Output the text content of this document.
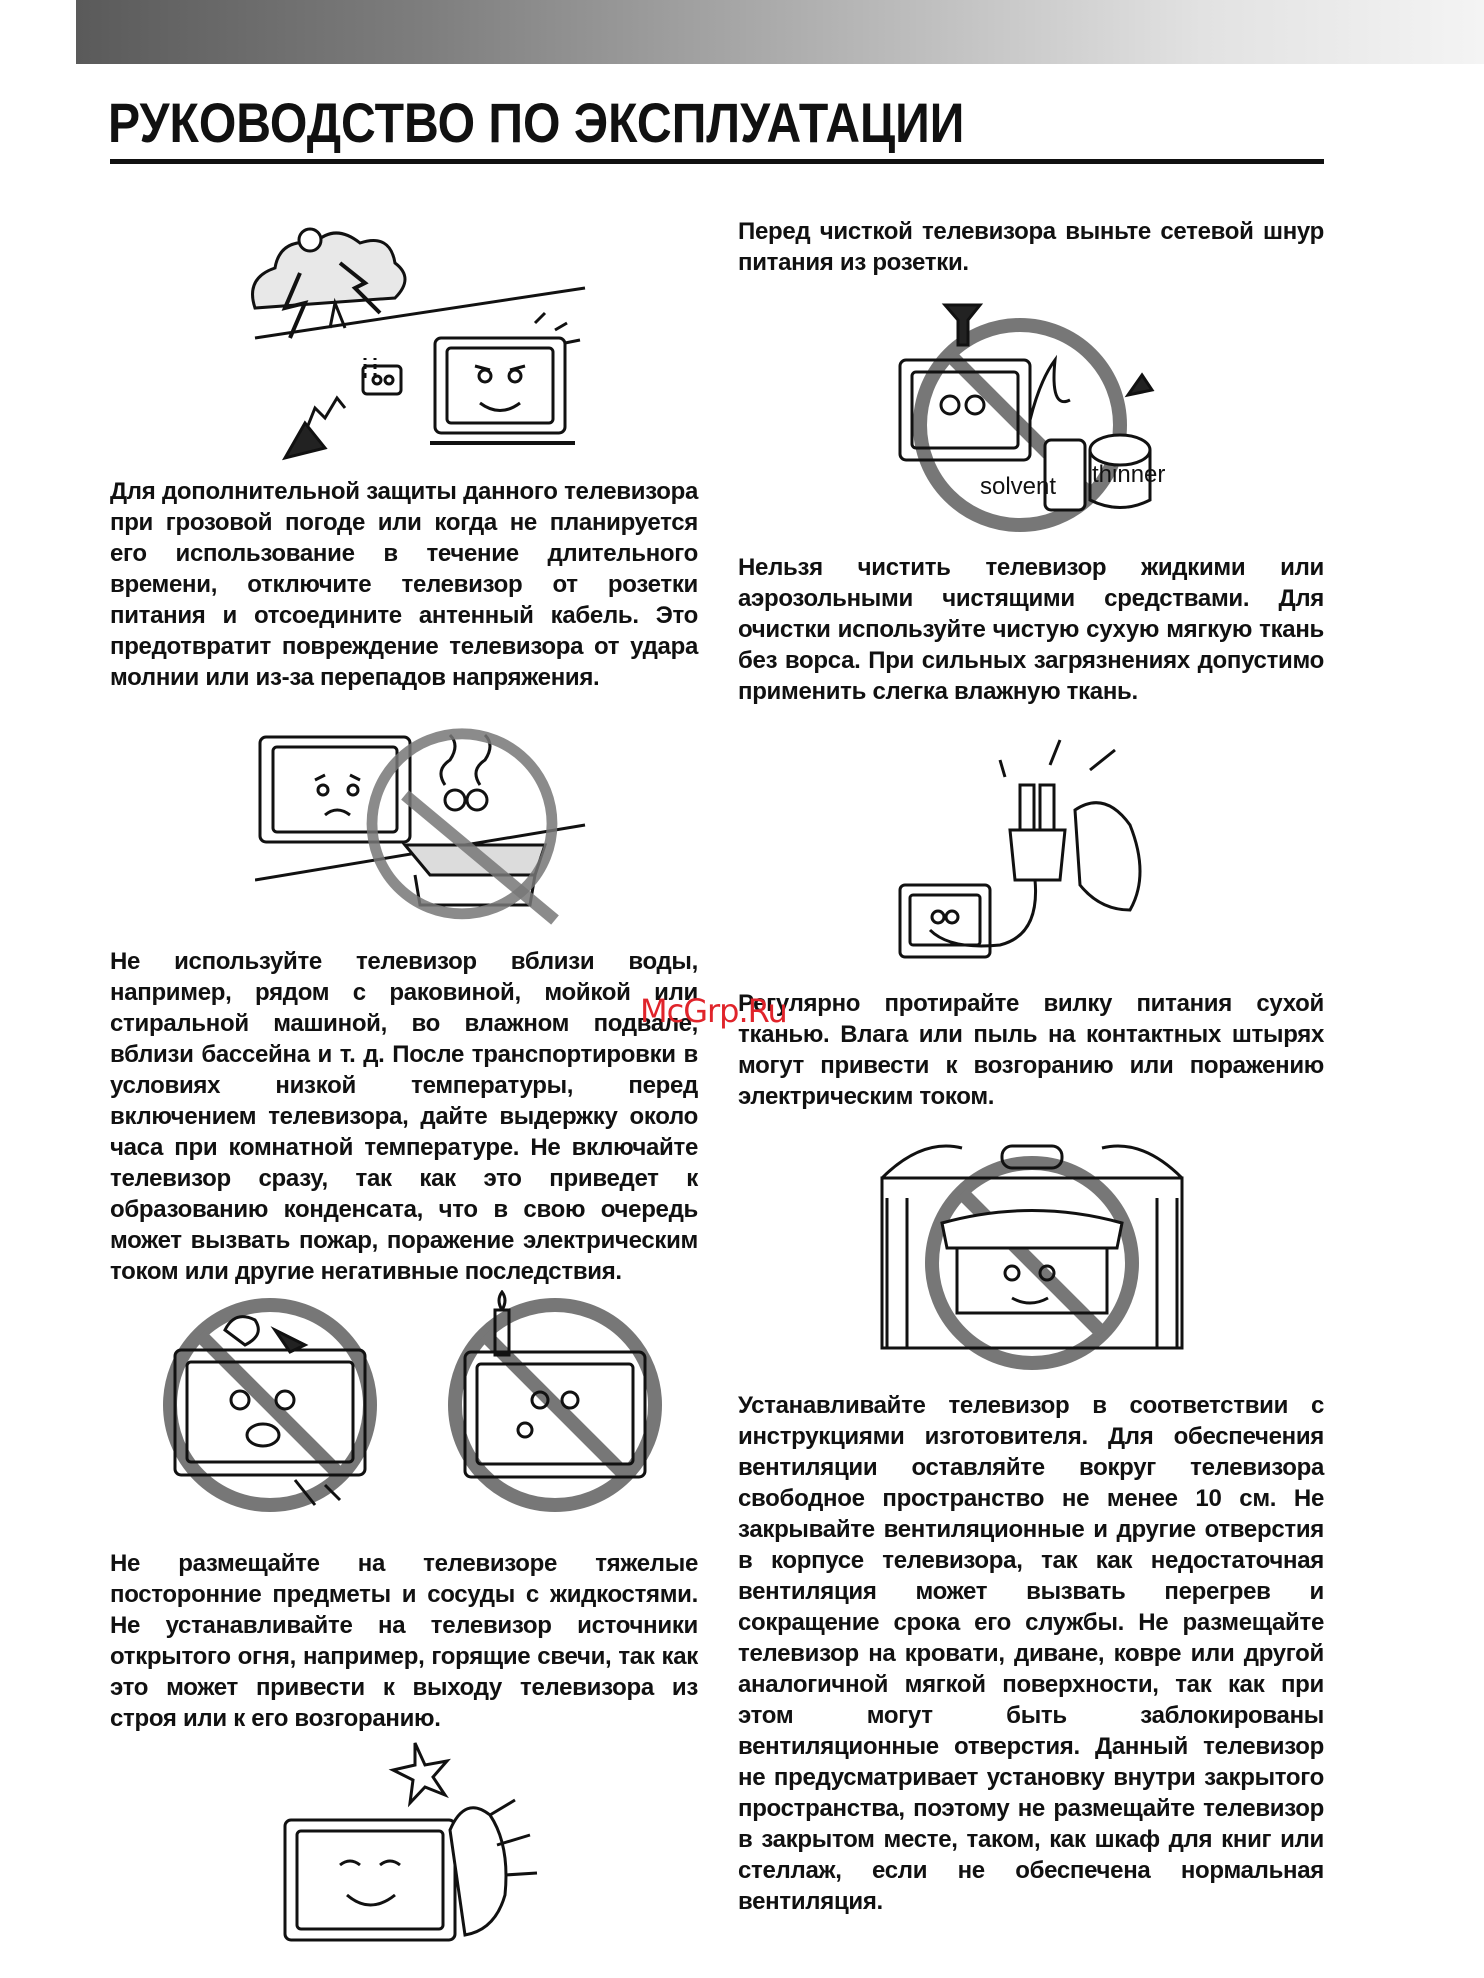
РУКОВОДСТВО ПО ЭКСПЛУАТАЦИИ

Для дополнительной защиты данного телевизора при грозовой погоде или когда не планируется его использование в течение длительного времени, отключите телевизор от розетки питания и отсоедините антенный кабель. Это предотвратит повреждение телевизора от удара молнии или из-за перепадов напряжения.

Не используйте телевизор вблизи воды, например, рядом с раковиной, мойкой или стиральной машиной, во влажном подвале, вблизи бассейна и т. д. После транспортировки в условиях низкой температуры, перед включением телевизора, дайте выдержку около часа при комнатной температуре. Не включайте телевизор сразу, так как это приведет к образованию конденсата, что в свою очередь может вызвать пожар, поражение электрическим током или другие негативные последствия.

Не размещайте на телевизоре тяжелые посторонние предметы и сосуды с жидкостями. Не устанавливайте на телевизор источники открытого огня, например, горящие свечи, так как это может привести к выходу телевизора из строя или к его возгоранию.

Перед чисткой телевизора выньте сетевой шнур питания из розетки.

solvent thinner

Нельзя чистить телевизор жидкими или аэрозольными чистящими средствами. Для очистки используйте чистую сухую мягкую ткань без ворса. При сильных загрязнениях допустимо применить слегка влажную ткань.

Регулярно протирайте вилку питания сухой тканью. Влага или пыль на контактных штырях могут привести к возгоранию или поражению электрическим током.

Устанавливайте телевизор в соответствии с инструкциями изготовителя. Для обеспечения вентиляции оставляйте вокруг телевизора свободное пространство не менее 10 см. Не закрывайте вентиляционные и другие отверстия в корпусе телевизора, так как недостаточная вентиляция может вызвать перегрев и сокращение срока его службы. Не размещайте телевизор на кровати, диване, ковре или другой аналогичной мягкой поверхности, так как при этом могут быть заблокированы вентиляционные отверстия. Данный телевизор не предусматривает установку внутри закрытого пространства, поэтому не размещайте телевизор в закрытом месте, таком, как шкаф для книг или стеллаж, если не обеспечена нормальная вентиляция.

McGrp.Ru
